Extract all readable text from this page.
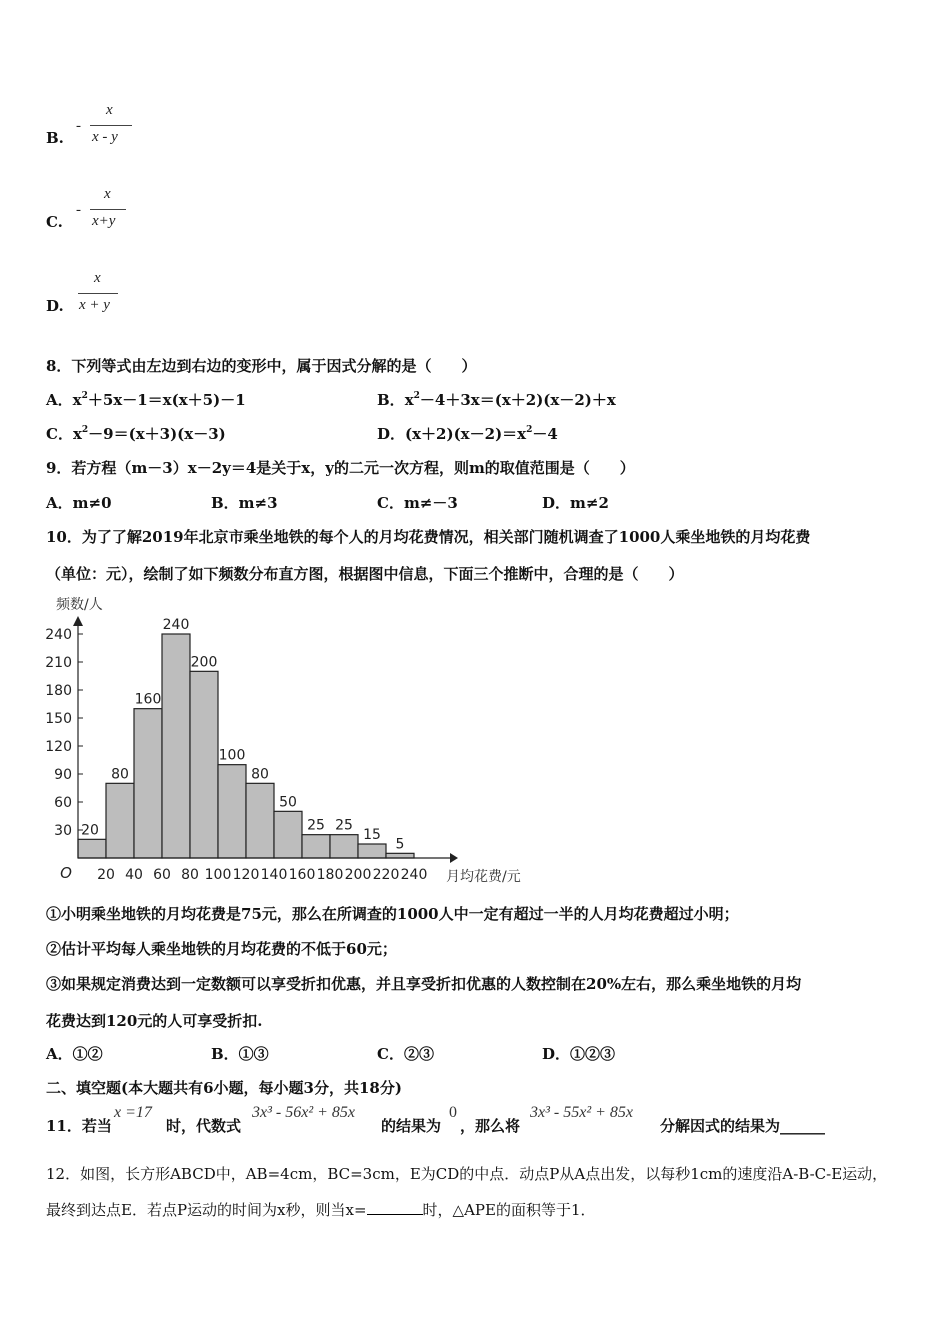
B.
-
x
x - y
C.
-
x
x+y
D.
x
x + y
8．下列等式由左边到右边的变形中，属于因式分解的是（　　）
A．$x^2+5x-1=x(x+5)-1$	B．$x^2-4+3x=(x+2)(x-2)+x$
C．$x^2-9=(x+3)(x-3)$	D．$(x+2)(x-2)=x^2-4$
9．若方程（m－3）x－2y＝4是关于x，y的二元一次方程，则m的取值范围是（　　）
A．m≠0	B．m≠3	C．m≠－3	D．m≠2
10．为了了解2019年北京市乘坐地铁的每个人的月均花费情况，相关部门随机调查了1000人乘坐地铁的月均花费
（单位：元），绘制了如下频数分布直方图，根据图中信息，下面三个推断中，合理的是（　　）
20
80
160
240
200
100
80
50
25 25
15
5
30
60
90
120
150
180
210
240
20 40 60 80 100 120 140 160 180 200 220 240
O
频数/人
月均花费/元
①小明乘坐地铁的月均花费是75元，那么在所调查的1000人中一定有超过一半的人月均花费超过小明；
②估计平均每人乘坐地铁的月均花费的不低于60元；
③如果规定消费达到一定数额可以享受折扣优惠，并且享受折扣优惠的人数控制在20%左右，那么乘坐地铁的月均
花费达到120元的人可享受折扣.
A．①②	B．①③	C．②③	D．①②③
二、填空题(本大题共有6小题，每小题3分，共18分)
11．若当
x =17
时，代数式
3x³ - 56x² + 85x
的结果为
0
，那么将
3x³ - 55x² + 85x
分解因式的结果为______
12．如图，长方形ABCD中，AB=4cm，BC=3cm，E为CD的中点．动点P从A点出发，以每秒1cm的速度沿A-B-C-E运动，
最终到达点E．若点P运动的时间为x秒，则当x=	时，△APE的面积等于1．
